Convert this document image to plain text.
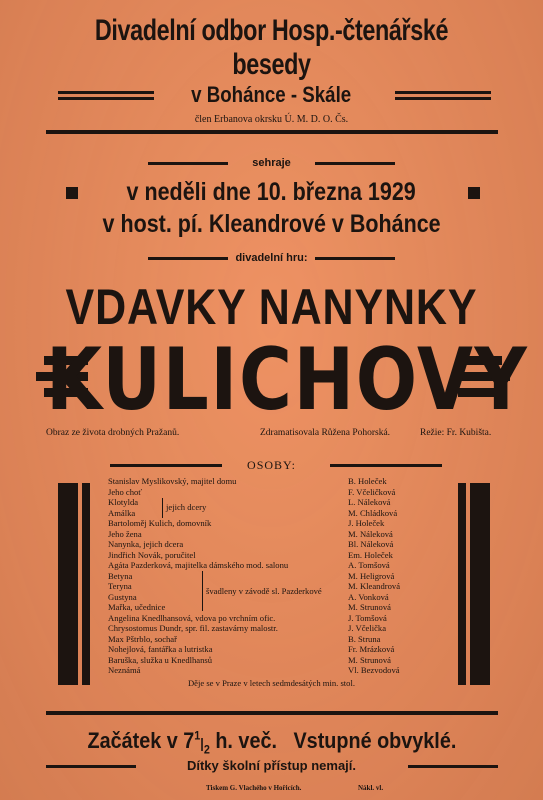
Divadelní odbor Hosp.-čtenářské besedy
v Bohánce - Skále
člen Erbanova okrsku Ú. M. D. O. Čs.
sehraje
v neděli dne 10. března 1929
v host. pí. Kleandrové v Bohánce
divadelní hru:
VDAVKY NANYNKY
KULICHOVY
Obraz ze života drobných Pražanů.	Zdramatisovala Růžena Pohorská.	Režie: Fr. Kubišta.
OSOBY:
Stanislav Myslikovský, majitel domu	B. Holeček
Jeho choť	F. Včeličková
Klotylda	L. Náleková
Amálka	M. Chládková
Bartoloměj Kulich, domovník	J. Holeček
Jeho žena	M. Náleková
Nanynka, jejich dcera	Bl. Náleková
Jindřich Novák, poručitel	Em. Holeček
Agáta Pazderková, majitelka dámského mod. salonu	A. Tomšová
Betyna	M. Heligrová
Teryna	M. Kleandrová
Gustyna	A. Vonková
Mařka, učednice	M. Strunová
Angelina Knedlhansová, vdova po vrchním ofic.	J. Tomšová
Chrysostomus Dundr, spr. fil. zastavárny malostr.	J. Včelička
Max Pštrblo, sochař	B. Struna
Nohejlová, fantářka a lutristka	Fr. Mrázková
Baruška, služka u Knedlhansů	M. Strunová
Neznámá	Vl. Bezvodová
jejich dcery
švadleny v závodě sl. Pazderkové
Děje se v Praze v letech sedmdesátých min. stol.
Začátek v $7^1|_2$ h. več. Vstupné obvyklé.
Dítky školní přístup nemají.
Tiskem G. Vlachého v Hořicích.	Nákl. vl.
